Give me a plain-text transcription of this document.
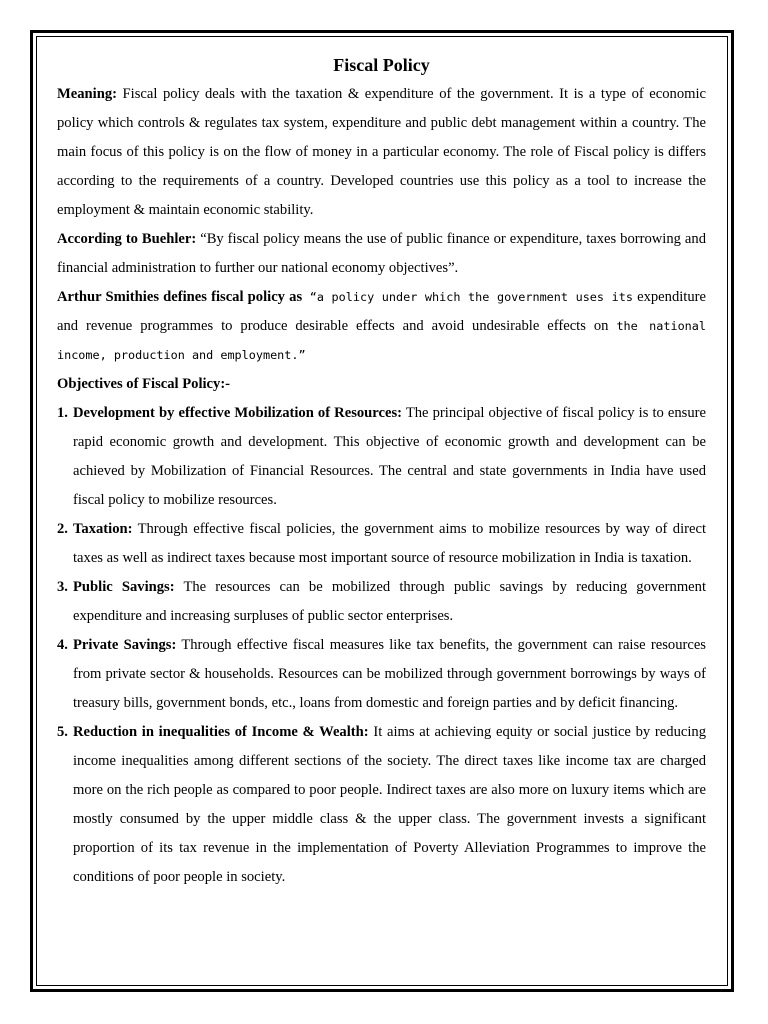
Fiscal Policy

Meaning: Fiscal policy deals with the taxation & expenditure of the government. It is a type of economic policy which controls & regulates tax system, expenditure and public debt management within a country. The main focus of this policy is on the flow of money in a particular economy. The role of Fiscal policy is differs according to the requirements of a country. Developed countries use this policy as a tool to increase the employment & maintain economic stability.

According to Buehler: “By fiscal policy means the use of public finance or expenditure, taxes borrowing and financial administration to further our national economy objectives”.

Arthur Smithies defines fiscal policy as “a policy under which the government uses its expenditure and revenue programmes to produce desirable effects and avoid undesirable effects on the national income, production and employment.”

Objectives of Fiscal Policy:-
1. Development by effective Mobilization of Resources: The principal objective of fiscal policy is to ensure rapid economic growth and development. This objective of economic growth and development can be achieved by Mobilization of Financial Resources. The central and state governments in India have used fiscal policy to mobilize resources.
2. Taxation: Through effective fiscal policies, the government aims to mobilize resources by way of direct taxes as well as indirect taxes because most important source of resource mobilization in India is taxation.
3. Public Savings: The resources can be mobilized through public savings by reducing government expenditure and increasing surpluses of public sector enterprises.
4. Private Savings: Through effective fiscal measures like tax benefits, the government can raise resources from private sector & households. Resources can be mobilized through government borrowings by ways of treasury bills, government bonds, etc., loans from domestic and foreign parties and by deficit financing.
5. Reduction in inequalities of Income & Wealth: It aims at achieving equity or social justice by reducing income inequalities among different sections of the society. The direct taxes like income tax are charged more on the rich people as compared to poor people. Indirect taxes are also more on luxury items which are mostly consumed by the upper middle class & the upper class. The government invests a significant proportion of its tax revenue in the implementation of Poverty Alleviation Programmes to improve the conditions of poor people in society.
